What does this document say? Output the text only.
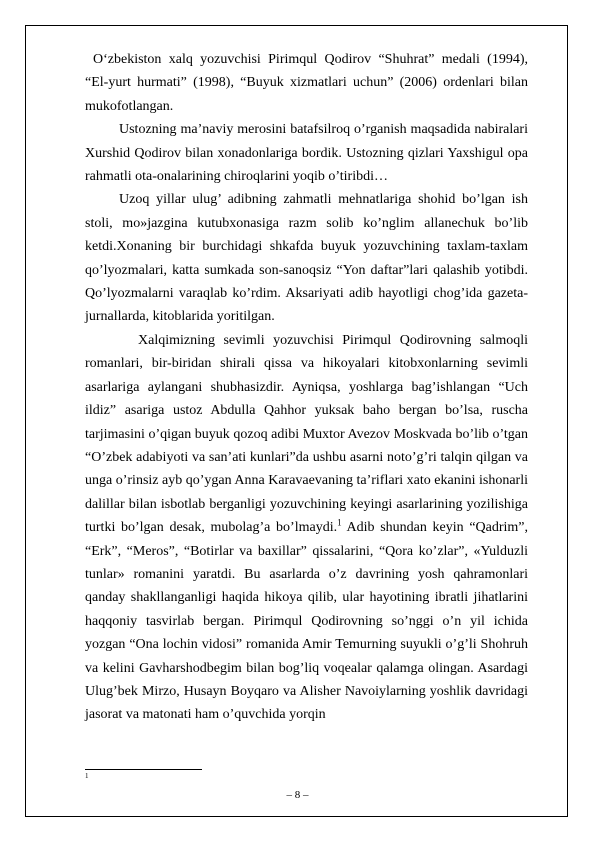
O‘zbekiston xalq yozuvchisi Pirimqul Qodirov “Shuhrat” medali (1994), “El-yurt hurmati” (1998), “Buyuk xizmatlari uchun” (2006) ordenlari bilan mukofotlangan.

Ustozning ma’naviy merosini batafsilroq o’rganish maqsadida nabiralari Xurshid Qodirov bilan xonadonlariga bordik. Ustozning qizlari Yaxshigul opa rahmatli ota-onalarining chiroqlarini yoqib o’tiribdi…

Uzoq yillar ulug’ adibning zahmatli mehnatlariga shohid bo’lgan ish stoli, mo»jazgina kutubxonasiga razm solib ko’nglim allanechuk bo’lib ketdi.Xonaning bir burchidagi shkafda buyuk yozuvchining taxlam-taxlam qo’lyozmalari, katta sumkada son-sanoqsiz “Yon daftar”lari qalashib yotibdi. Qo’lyozmalarni varaqlab ko’rdim. Aksariyati adib hayotligi chog’ida gazeta-jurnallarda, kitoblarida yoritilgan.

Xalqimizning sevimli yozuvchisi Pirimqul Qodirovning salmoqli romanlari, bir-biridan shirali qissa va hikoyalari kitobxonlarning sevimli asarlariga aylangani shubhasizdir. Ayniqsa, yoshlarga bag’ishlangan “Uch ildiz” asariga ustoz Abdulla Qahhor yuksak baho bergan bo’lsa, ruscha tarjimasini o’qigan buyuk qozoq adibi Muxtor Avezov Moskvada bo’lib o’tgan “O’zbek adabiyoti va san’ati kunlari”da ushbu asarni noto’g’ri talqin qilgan va unga o’rinsiz ayb qo’ygan Anna Karavaevaning ta’riflari xato ekanini ishonarli dalillar bilan isbotlab berganligi yozuvchining keyingi asarlarining yozilishiga turtki bo’lgan desak, mubolag’a bo’lmaydi.$^1$ Adib shundan keyin “Qadrim”, “Erk”, “Meros”, “Botirlar va baxillar” qissalarini, “Qora ko’zlar”, «Yulduzli tunlar» romanini yaratdi. Bu asarlarda o’z davrining yosh qahramonlari qanday shakllanganligi haqida hikoya qilib, ular hayotining ibratli jihatlarini haqqoniy tasvirlab bergan. Pirimqul Qodirovning so’nggi o’n yil ichida yozgan “Ona lochin vidosi” romanida Amir Temurning suyukli o’g’li Shohruh va kelini Gavharshodbegim bilan bog’liq voqealar qalamga olingan. Asardagi Ulug’bek Mirzo, Husayn Boyqaro va Alisher Navoiylarning yoshlik davridagi jasorat va matonati ham o’quvchida yorqin

1
– 8 –
